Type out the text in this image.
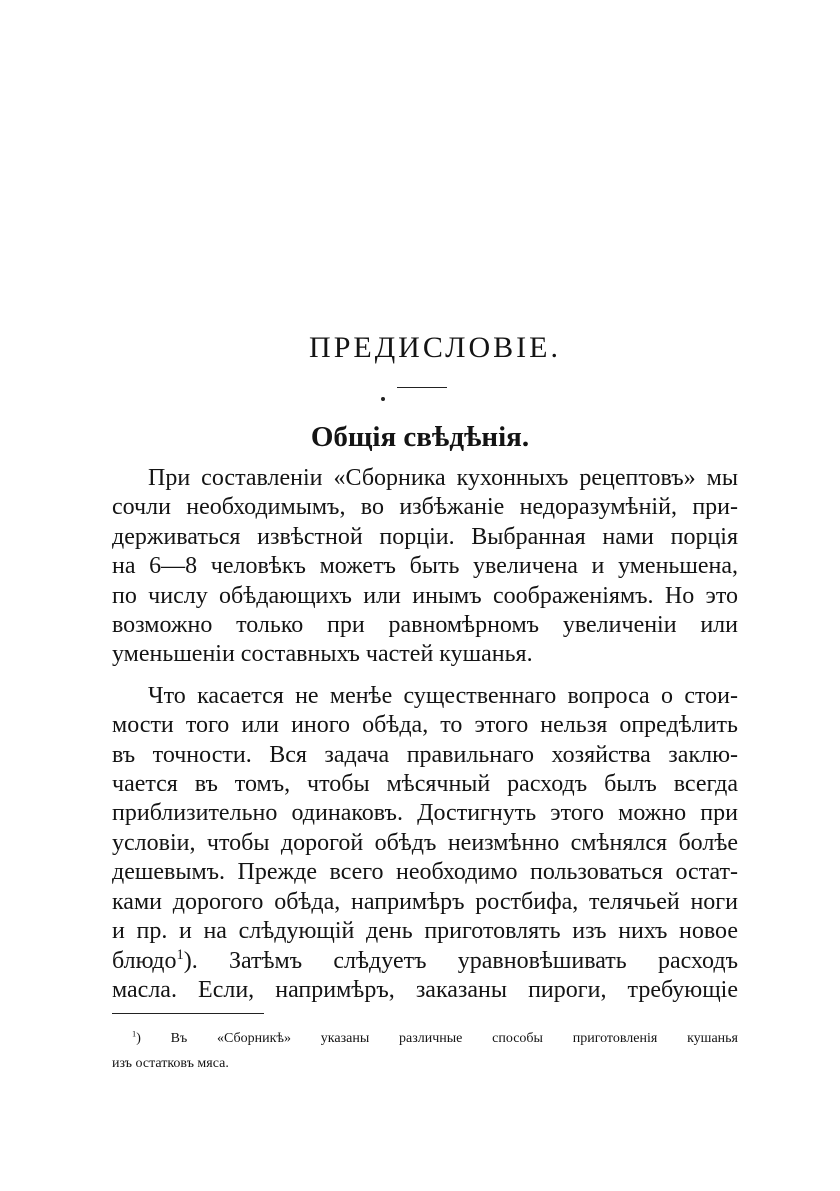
ПРЕДИСЛОВІЕ.
Общія свѣдѣнія.
При составленіи «Сборника кухонныхъ рецептовъ» мы
сочли необходимымъ, во избѣжаніе недоразумѣній, при-
держиваться извѣстной порціи. Выбранная нами порція
на 6—8 человѣкъ можетъ быть увеличена и уменьшена,
по числу обѣдающихъ или инымъ соображеніямъ. Но это
возможно только при равномѣрномъ увеличеніи или
уменьшеніи составныхъ частей кушанья.
Что касается не менѣе существеннаго вопроса о стои-
мости того или иного обѣда, то этого нельзя опредѣлить
въ точности. Вся задача правильнаго хозяйства заклю-
чается въ томъ, чтобы мѣсячный расходъ былъ всегда
приблизительно одинаковъ. Достигнуть этого можно при
условіи, чтобы дорогой обѣдъ неизмѣнно смѣнялся болѣе
дешевымъ. Прежде всего необходимо пользоваться остат-
ками дорогого обѣда, напримѣръ ростбифа, телячьей ноги
и пр. и на слѣдующій день приготовлять изъ нихъ новое
блюдо$^1$). Затѣмъ слѣдуетъ уравновѣшивать расходъ
масла. Если, напримѣръ, заказаны пироги, требующіе
$^1$) Въ «Сборникѣ» указаны различные способы приготовленія кушанья
изъ остатковъ мяса.
